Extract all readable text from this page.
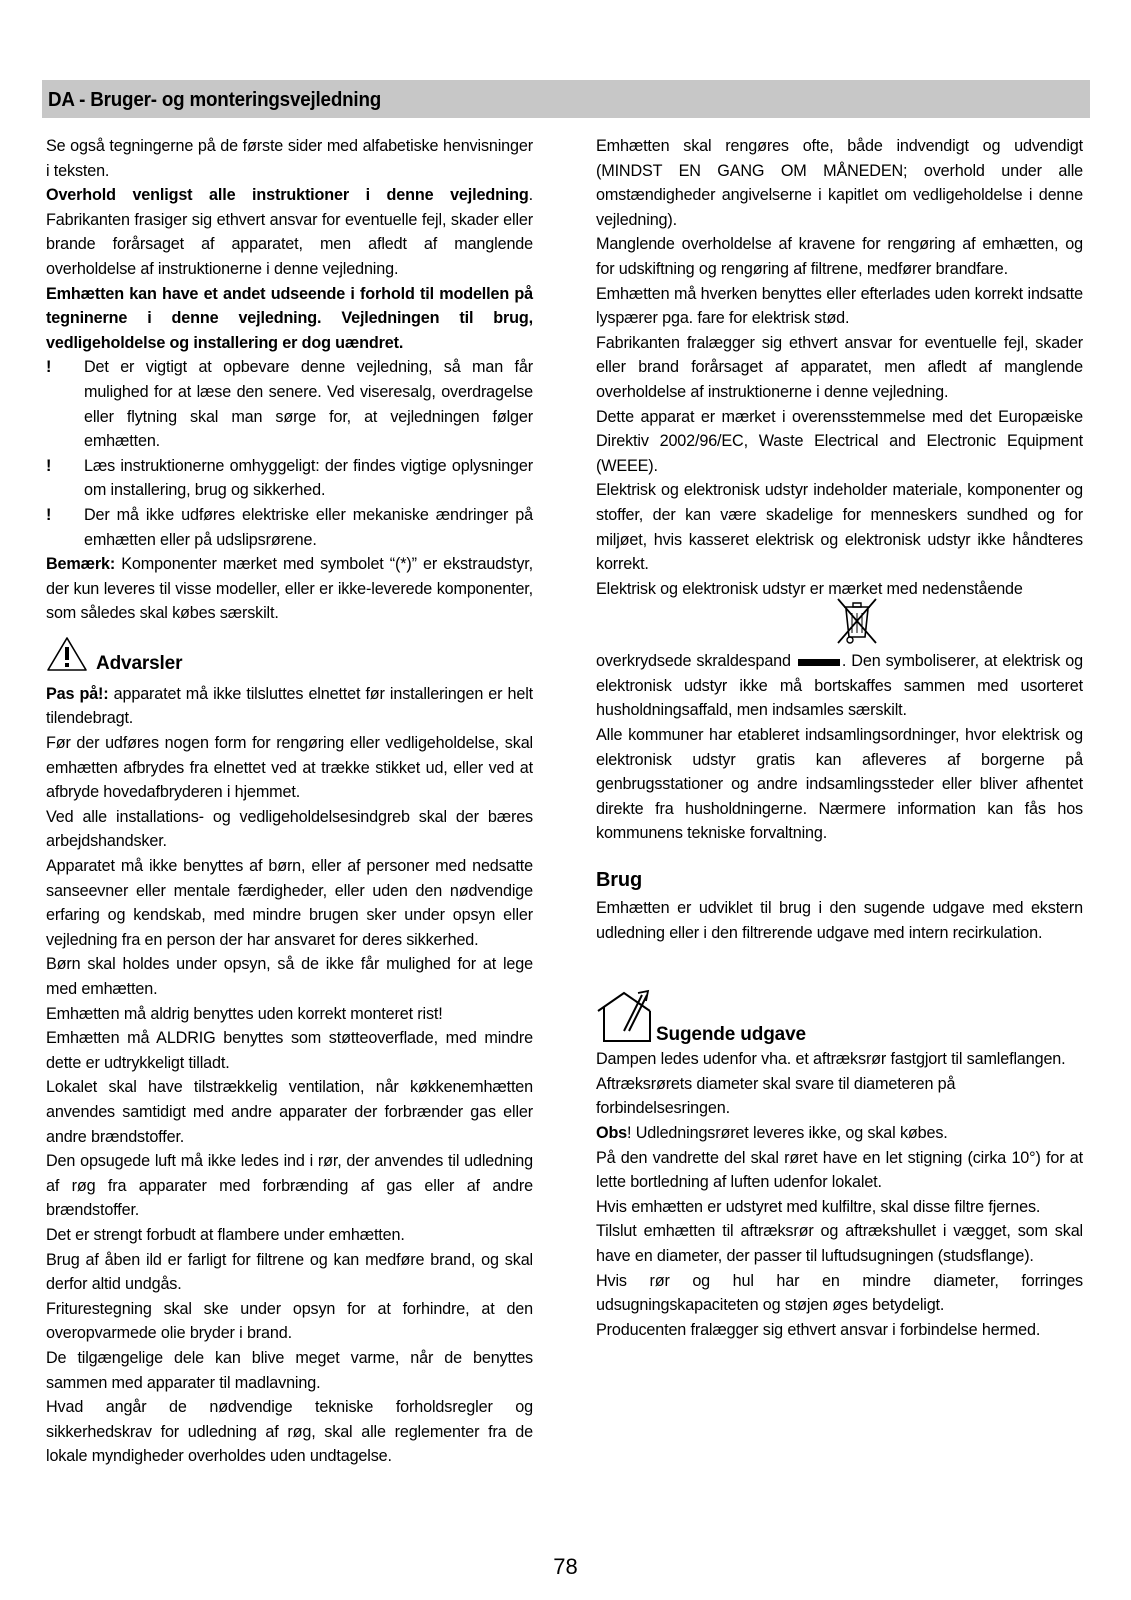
DA - Bruger- og monteringsvejledning

Se også tegningerne på de første sider med alfabetiske henvisninger i teksten.

Overhold venligst alle instruktioner i denne vejledning. Fabrikanten frasiger sig ethvert ansvar for eventuelle fejl, skader eller brande forårsaget af apparatet, men afledt af manglende overholdelse af instruktionerne i denne vejledning.

Emhætten kan have et andet udseende i forhold til modellen på tegninerne i denne vejledning. Vejledningen til brug, vedligeholdelse og installering er dog uændret.

! Det er vigtigt at opbevare denne vejledning, så man får mulighed for at læse den senere. Ved viseresalg, overdragelse eller flytning skal man sørge for, at vejledningen følger emhætten.
! Læs instruktionerne omhyggeligt: der findes vigtige oplysninger om installering, brug og sikkerhed.
! Der må ikke udføres elektriske eller mekaniske ændringer på emhætten eller på udslipsrørene.

Bemærk: Komponenter mærket med symbolet “(*)” er ekstraudstyr, der kun leveres til visse modeller, eller er ikke-leverede komponenter, som således skal købes særskilt.

Advarsler

Pas på!: apparatet må ikke tilsluttes elnettet før installeringen er helt tilendebragt.

Før der udføres nogen form for rengøring eller vedligeholdelse, skal emhætten afbrydes fra elnettet ved at trække stikket ud, eller ved at afbryde hovedafbryderen i hjemmet.

Ved alle installations- og vedligeholdelsesindgreb skal der bæres arbejdshandsker.

Apparatet må ikke benyttes af børn, eller af personer med nedsatte sanseevner eller mentale færdigheder, eller uden den nødvendige erfaring og kendskab, med mindre brugen sker under opsyn eller vejledning fra en person der har ansvaret for deres sikkerhed.

Børn skal holdes under opsyn, så de ikke får mulighed for at lege med emhætten.

Emhætten må aldrig benyttes uden korrekt monteret rist!

Emhætten må ALDRIG benyttes som støtteoverflade, med mindre dette er udtrykkeligt tilladt.

Lokalet skal have tilstrækkelig ventilation, når køkkenemhætten anvendes samtidigt med andre apparater der forbrænder gas eller andre brændstoffer.

Den opsugede luft må ikke ledes ind i rør, der anvendes til udledning af røg fra apparater med forbrænding af gas eller af andre brændstoffer.

Det er strengt forbudt at flambere under emhætten.

Brug af åben ild er farligt for filtrene og kan medføre brand, og skal derfor altid undgås.

Friturestegning skal ske under opsyn for at forhindre, at den overopvarmede olie bryder i brand.

De tilgængelige dele kan blive meget varme, når de benyttes sammen med apparater til madlavning.

Hvad angår de nødvendige tekniske forholdsregler og sikkerhedskrav for udledning af røg, skal alle reglementer fra de lokale myndigheder overholdes uden undtagelse.

Emhætten skal rengøres ofte, både indvendigt og udvendigt (MINDST EN GANG OM MÅNEDEN; overhold under alle omstændigheder angivelserne i kapitlet om vedligeholdelse i denne vejledning).

Manglende overholdelse af kravene for rengøring af emhætten, og for udskiftning og rengøring af filtrene, medfører brandfare.

Emhætten må hverken benyttes eller efterlades uden korrekt indsatte lyspærer pga. fare for elektrisk stød.

Fabrikanten fralægger sig ethvert ansvar for eventuelle fejl, skader eller brand forårsaget af apparatet, men afledt af manglende overholdelse af instruktionerne i denne vejledning.

Dette apparat er mærket i overensstemmelse med det Europæiske Direktiv 2002/96/EC, Waste Electrical and Electronic Equipment (WEEE).

Elektrisk og elektronisk udstyr indeholder materiale, komponenter og stoffer, der kan være skadelige for menneskers sundhed og for miljøet, hvis kasseret elektrisk og elektronisk udstyr ikke håndteres korrekt.

Elektrisk og elektronisk udstyr er mærket med nedenstående

overkrydsede skraldespand	. Den symboliserer, at elektrisk og elektronisk udstyr ikke må bortskaffes sammen med usorteret husholdningsaffald, men indsamles særskilt.

Alle kommuner har etableret indsamlingsordninger, hvor elektrisk og elektronisk udstyr gratis kan afleveres af borgerne på genbrugsstationer og andre indsamlingssteder eller bliver afhentet direkte fra husholdningerne. Nærmere information kan fås hos kommunens tekniske forvaltning.

Brug

Emhætten er udviklet til brug i den sugende udgave med ekstern udledning eller i den filtrerende udgave med intern recirkulation.

Sugende udgave

Dampen ledes udenfor vha. et aftræksrør fastgjort til samleflangen.

Aftræksrørets diameter skal svare til diameteren på forbindelsesringen.

Obs! Udledningsrøret leveres ikke, og skal købes.

På den vandrette del skal røret have en let stigning (cirka 10°) for at lette bortledning af luften udenfor lokalet.

Hvis emhætten er udstyret med kulfiltre, skal disse filtre fjernes.

Tilslut emhætten til aftræksrør og aftrækshullet i vægget, som skal have en diameter, der passer til luftudsugningen (studsflange).

Hvis rør og hul har en mindre diameter, forringes udsugningskapaciteten og støjen øges betydeligt.

Producenten fralægger sig ethvert ansvar i forbindelse hermed.

78
